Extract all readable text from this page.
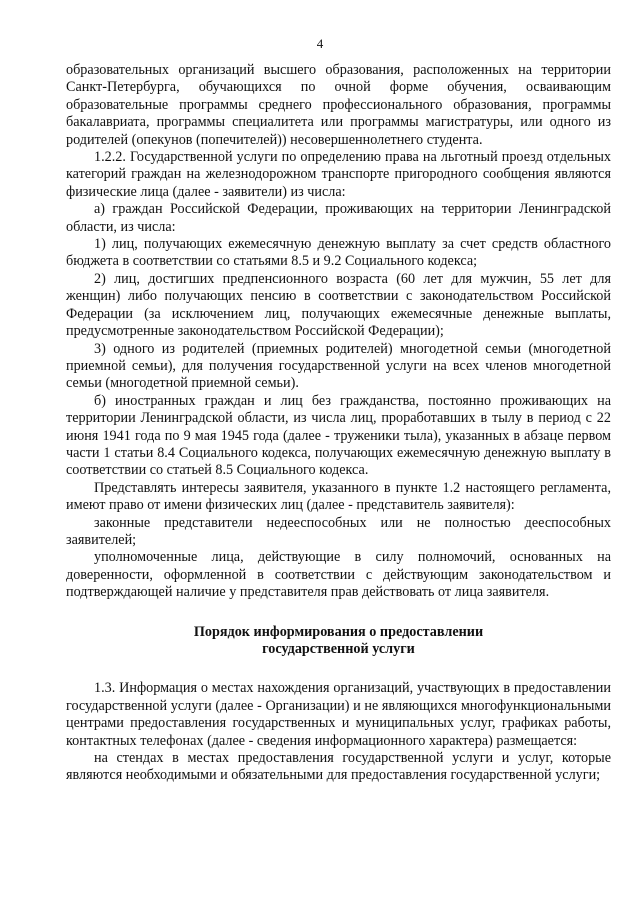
4

образовательных организаций высшего образования, расположенных на территории Санкт-Петербурга, обучающихся по очной форме обучения, осваивающим образовательные программы среднего профессионального образования, программы бакалавриата, программы специалитета или программы магистратуры, или одного из родителей (опекунов (попечителей)) несовершеннолетнего студента.

1.2.2. Государственной услуги по определению права на льготный проезд отдельных категорий граждан на железнодорожном транспорте пригородного сообщения являются физические лица (далее - заявители) из числа:

а) граждан Российской Федерации, проживающих на территории Ленинградской области, из числа:

1) лиц, получающих ежемесячную денежную выплату за счет средств областного бюджета в соответствии со статьями 8.5 и 9.2 Социального кодекса;

2) лиц, достигших предпенсионного возраста (60 лет для мужчин, 55 лет для женщин) либо получающих пенсию в соответствии с законодательством Российской Федерации (за исключением лиц, получающих ежемесячные денежные выплаты, предусмотренные законодательством Российской Федерации);

3) одного из родителей (приемных родителей) многодетной семьи (многодетной приемной семьи), для получения государственной услуги на всех членов многодетной семьи (многодетной приемной семьи).

б) иностранных граждан и лиц без гражданства, постоянно проживающих на территории Ленинградской области, из числа лиц, проработавших в тылу в период с 22 июня 1941 года по 9 мая 1945 года (далее - труженики тыла), указанных в абзаце первом части 1 статьи 8.4 Социального кодекса, получающих ежемесячную денежную выплату в соответствии со статьей 8.5 Социального кодекса.

Представлять интересы заявителя, указанного в пункте 1.2 настоящего регламента, имеют право от имени физических лиц (далее - представитель заявителя):

законные представители недееспособных или не полностью дееспособных заявителей;

уполномоченные лица, действующие в силу полномочий, основанных на доверенности, оформленной в соответствии с действующим законодательством и подтверждающей наличие у представителя прав действовать от лица заявителя.

Порядок информирования о предоставлении
государственной услуги

1.3. Информация о местах нахождения организаций, участвующих в предоставлении государственной услуги (далее - Организации) и не являющихся многофункциональными центрами предоставления государственных и муниципальных услуг, графиках работы, контактных телефонах (далее - сведения информационного характера) размещается:

на стендах в местах предоставления государственной услуги и услуг, которые являются необходимыми и обязательными для предоставления государственной услуги;
